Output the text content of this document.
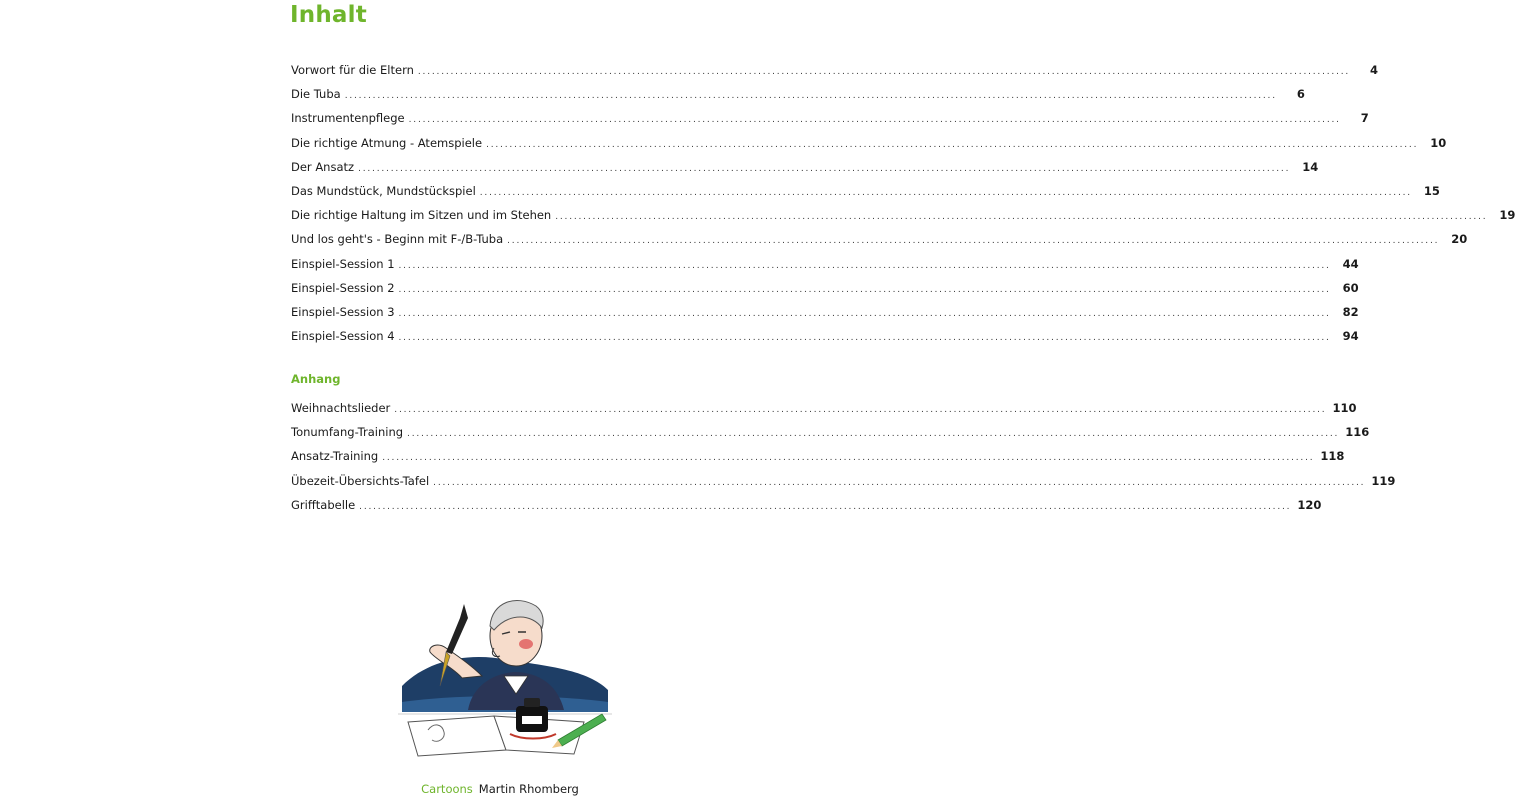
Inhalt
Vorwort für die Eltern ........................................................................................................................................................................................................	4
Die Tuba ........................................................................................................................................................................................................	6
Instrumentenpflege ........................................................................................................................................................................................................	7
Die richtige Atmung - Atemspiele ........................................................................................................................................................................................................	10
Der Ansatz ........................................................................................................................................................................................................	14
Das Mundstück, Mundstückspiel ........................................................................................................................................................................................................	15
Die richtige Haltung im Sitzen und im Stehen ........................................................................................................................................................................................................	19
Und los geht's - Beginn mit F-/B-Tuba ........................................................................................................................................................................................................	20
Einspiel-Session 1 ........................................................................................................................................................................................................	44
Einspiel-Session 2 ........................................................................................................................................................................................................	60
Einspiel-Session 3 ........................................................................................................................................................................................................	82
Einspiel-Session 4 ........................................................................................................................................................................................................	94
Anhang
Weihnachtslieder ........................................................................................................................................................................................................ 110
Tonumfang-Training ........................................................................................................................................................................................................ 116
Ansatz-Training ........................................................................................................................................................................................................ 118
Übezeit-Übersichts-Tafel ........................................................................................................................................................................................................ 119
Grifftabelle ........................................................................................................................................................................................................ 120
Cartoons Martin Rhomberg
